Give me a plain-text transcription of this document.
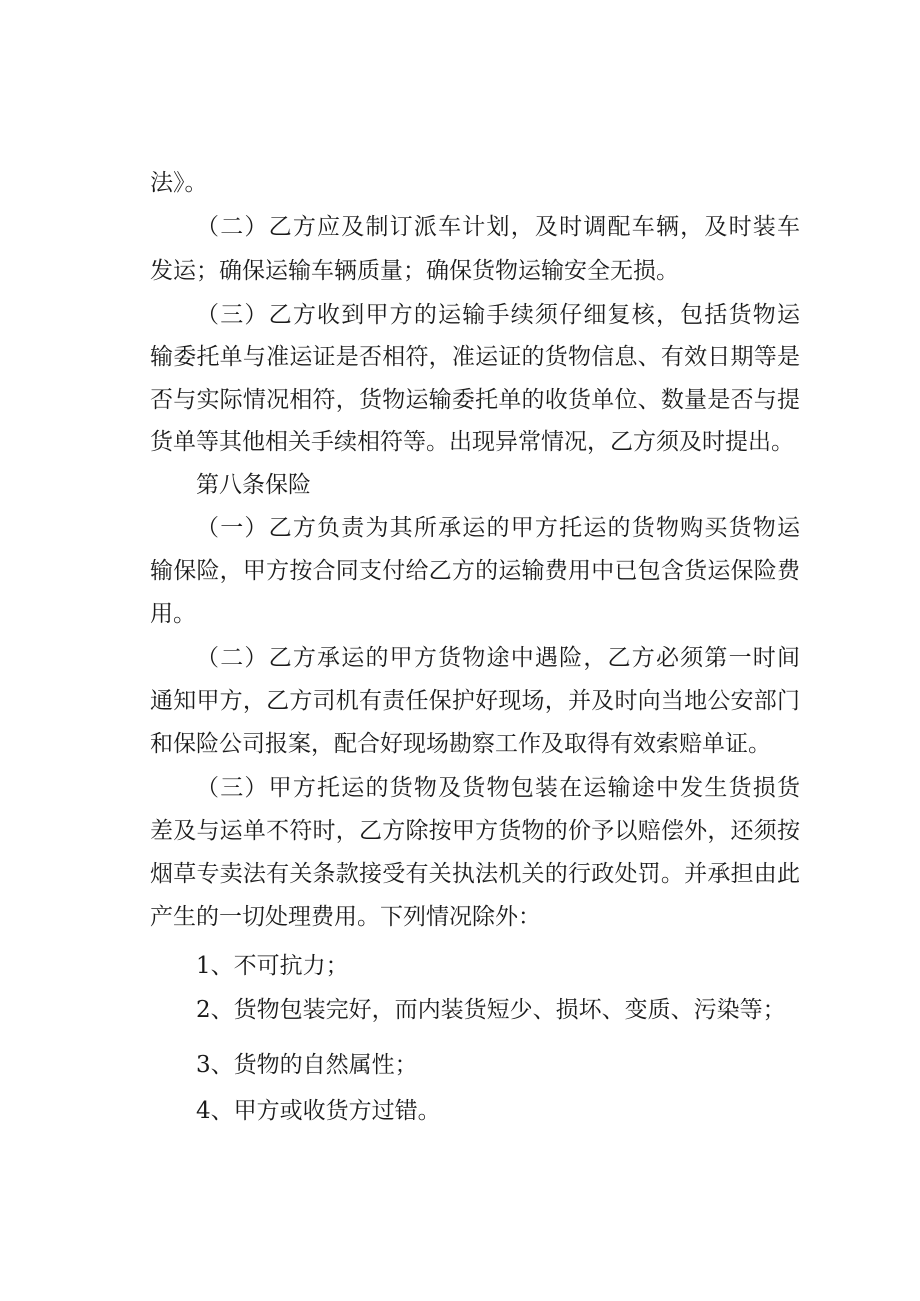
法》。
（二）乙方应及制订派车计划，及时调配车辆，及时装车
发运；确保运输车辆质量；确保货物运输安全无损。
（三）乙方收到甲方的运输手续须仔细复核，包括货物运
输委托单与准运证是否相符，准运证的货物信息、有效日期等是
否与实际情况相符，货物运输委托单的收货单位、数量是否与提
货单等其他相关手续相符等。出现异常情况，乙方须及时提出。
第八条保险
（一）乙方负责为其所承运的甲方托运的货物购买货物运
输保险，甲方按合同支付给乙方的运输费用中已包含货运保险费
用。
（二）乙方承运的甲方货物途中遇险，乙方必须第一时间
通知甲方，乙方司机有责任保护好现场，并及时向当地公安部门
和保险公司报案，配合好现场勘察工作及取得有效索赔单证。
（三）甲方托运的货物及货物包装在运输途中发生货损货
差及与运单不符时，乙方除按甲方货物的价予以赔偿外，还须按
烟草专卖法有关条款接受有关执法机关的行政处罚。并承担由此
产生的一切处理费用。下列情况除外：
1、不可抗力；
2、货物包装完好，而内装货短少、损坏、变质、污染等；
3、货物的自然属性；
4、甲方或收货方过错。
